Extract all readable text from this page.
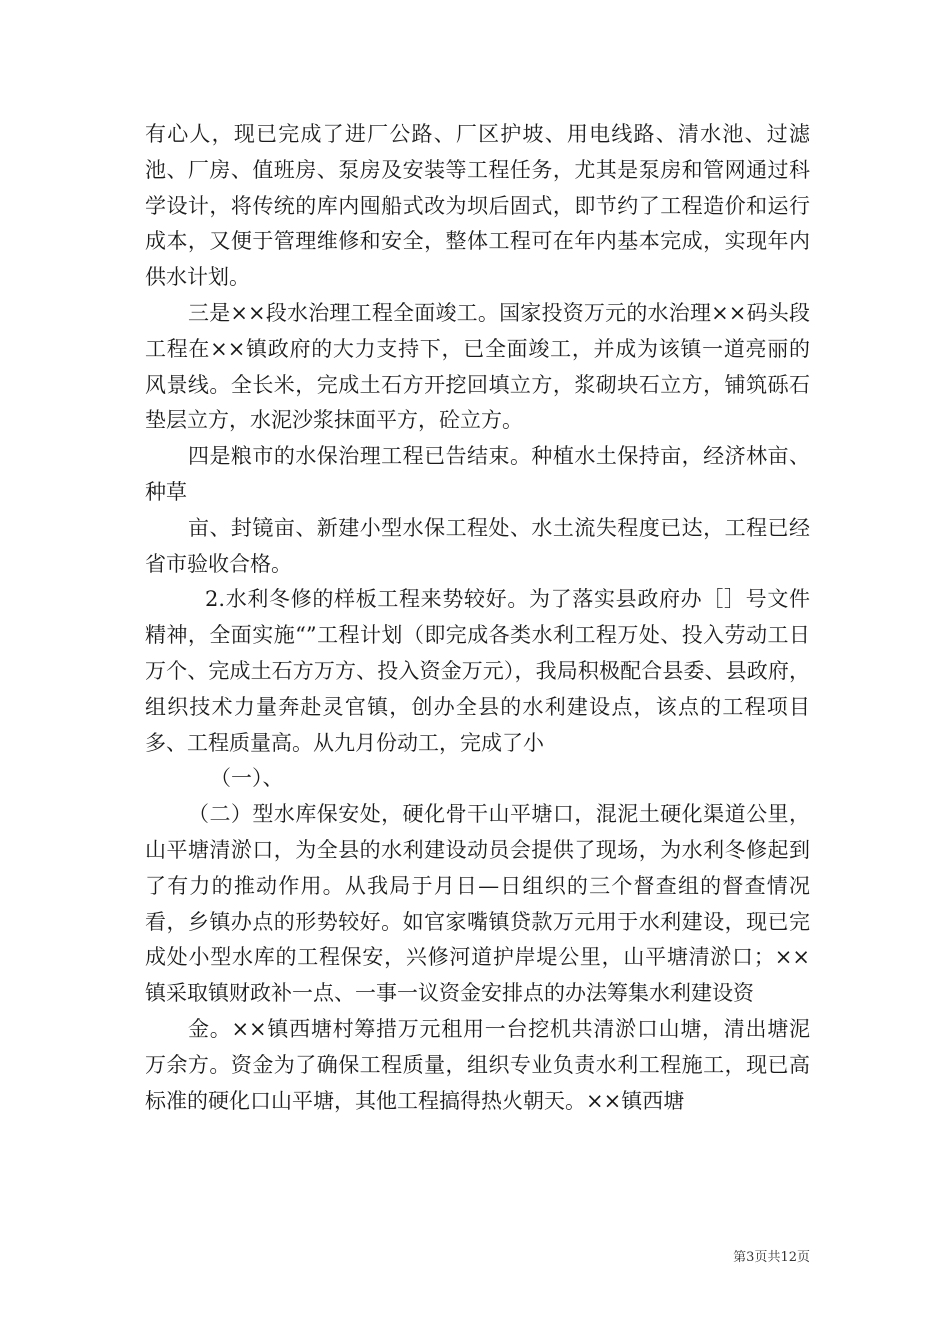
有心人，现已完成了进厂公路、厂区护坡、用电线路、清水池、过滤池、厂房、值班房、泵房及安装等工程任务，尤其是泵房和管网通过科学设计，将传统的库内囤船式改为坝后固式，即节约了工程造价和运行成本，又便于管理维修和安全，整体工程可在年内基本完成，实现年内供水计划。

三是××段水治理工程全面竣工。国家投资万元的水治理××码头段工程在××镇政府的大力支持下，已全面竣工，并成为该镇一道亮丽的风景线。全长米，完成土石方开挖回填立方，浆砌块石立方，铺筑砾石垫层立方，水泥沙浆抹面平方，砼立方。

四是粮市的水保治理工程已告结束。种植水土保持亩，经济林亩、种草

亩、封镜亩、新建小型水保工程处、水土流失程度已达，工程已经省市验收合格。

2.水利冬修的样板工程来势较好。为了落实县政府办［］号文件精神，全面实施“”工程计划（即完成各类水利工程万处、投入劳动工日万个、完成土石方万方、投入资金万元），我局积极配合县委、县政府，组织技术力量奔赴灵官镇，创办全县的水利建设点，该点的工程项目多、工程质量高。从九月份动工，完成了小

（一）、

（二）型水库保安处，硬化骨干山平塘口，混泥土硬化渠道公里，山平塘清淤口，为全县的水利建设动员会提供了现场，为水利冬修起到了有力的推动作用。从我局于月日—日组织的三个督查组的督查情况看，乡镇办点的形势较好。如官家嘴镇贷款万元用于水利建设，现已完成处小型水库的工程保安，兴修河道护岸堤公里，山平塘清淤口；××镇采取镇财政补一点、一事一议资金安排点的办法筹集水利建设资

金。××镇西塘村筹措万元租用一台挖机共清淤口山塘，清出塘泥万余方。资金为了确保工程质量，组织专业负责水利工程施工，现已高标准的硬化口山平塘，其他工程搞得热火朝天。××镇西塘

第3页共12页
